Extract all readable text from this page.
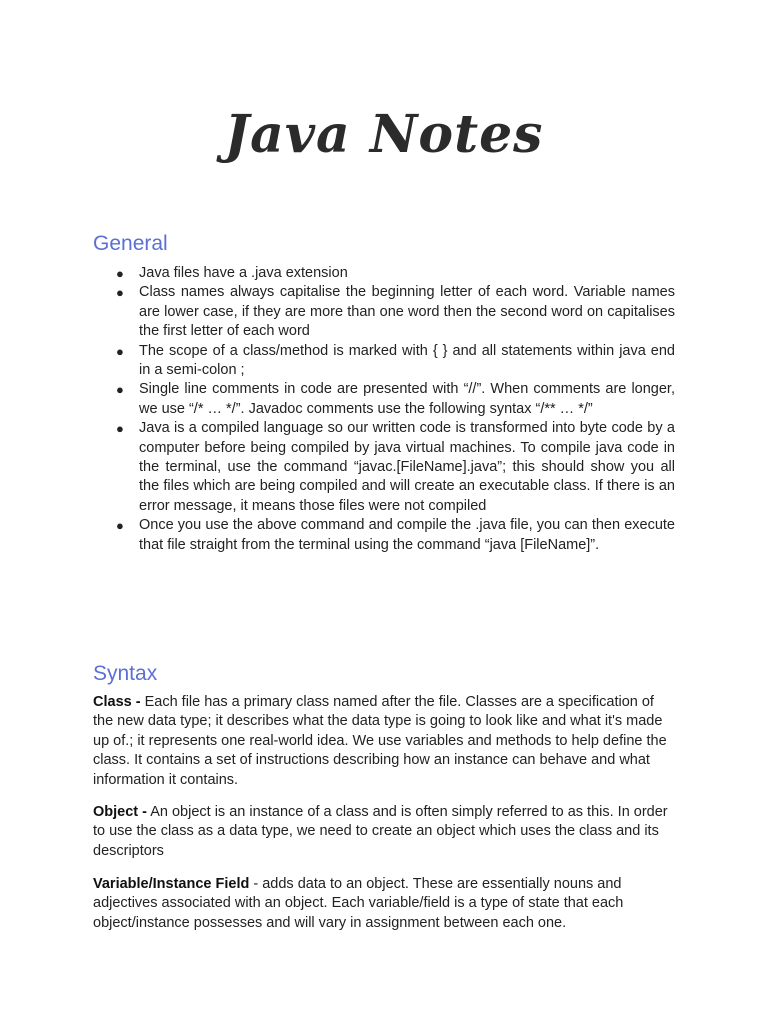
Java Notes
General
● Java files have a .java extension
● Class names always capitalise the beginning letter of each word. Variable names are lower case, if they are more than one word then the second word on capitalises the first letter of each word
● The scope of a class/method is marked with { } and all statements within java end in a semi-colon ;
● Single line comments in code are presented with “//”. When comments are longer, we use “/* … */”. Javadoc comments use the following syntax “/** … */”
● Java is a compiled language so our written code is transformed into byte code by a computer before being compiled by java virtual machines. To compile java code in the terminal, use the command “javac.[FileName].java”; this should show you all the files which are being compiled and will create an executable class. If there is an error message, it means those files were not compiled
● Once you use the above command and compile the .java file, you can then execute that file straight from the terminal using the command “java [FileName]”.
Syntax

Class - Each file has a primary class named after the file. Classes are a specification of the new data type; it describes what the data type is going to look like and what it's made up of.; it represents one real-world idea. We use variables and methods to help define the class. It contains a set of instructions describing how an instance can behave and what information it contains.

Object - An object is an instance of a class and is often simply referred to as this. In order to use the class as a data type, we need to create an object which uses the class and its descriptors

Variable/Instance Field - adds data to an object. These are essentially nouns and adjectives associated with an object. Each variable/field is a type of state that each object/instance possesses and will vary in assignment between each one.
